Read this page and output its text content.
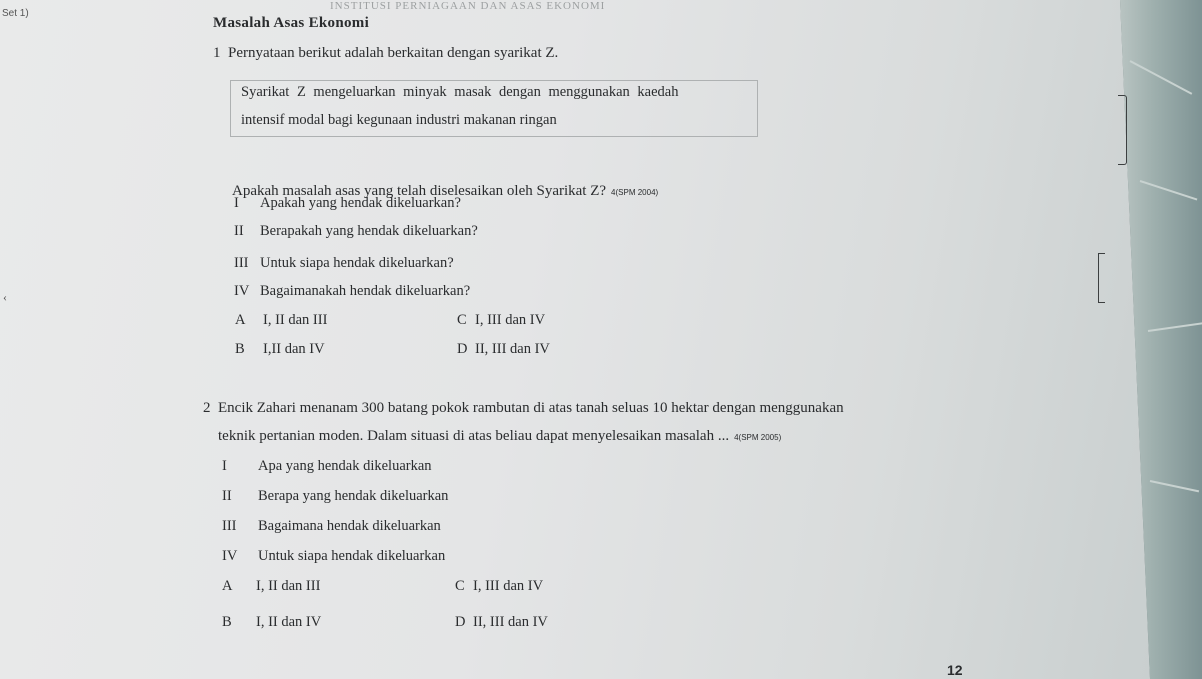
INSTITUSI PERNIAGAAN DAN ASAS EKONOMI
Set 1)
Masalah Asas Ekonomi
1 Pernyataan berikut adalah berkaitan dengan syarikat Z.
Syarikat Z mengeluarkan minyak masak dengan menggunakan kaedah
intensif modal bagi kegunaan industri makanan ringan
Apakah masalah asas yang telah diselesaikan oleh Syarikat Z? 4(SPM 2004)
I Apakah yang hendak dikeluarkan?
II Berapakah yang hendak dikeluarkan?
III Untuk siapa hendak dikeluarkan?
IV Bagaimanakah hendak dikeluarkan?
A I, II dan III	C I, III dan IV
B I,II dan IV	D II, III dan IV
2 Encik Zahari menanam 300 batang pokok rambutan di atas tanah seluas 10 hektar dengan menggunakan
teknik pertanian moden. Dalam situasi di atas beliau dapat menyelesaikan masalah ... 4(SPM 2005)
I Apa yang hendak dikeluarkan
II Berapa yang hendak dikeluarkan
III Bagaimana hendak dikeluarkan
IV Untuk siapa hendak dikeluarkan
A I, II dan III	C I, III dan IV
B I, II dan IV	D II, III dan IV
12
‹
